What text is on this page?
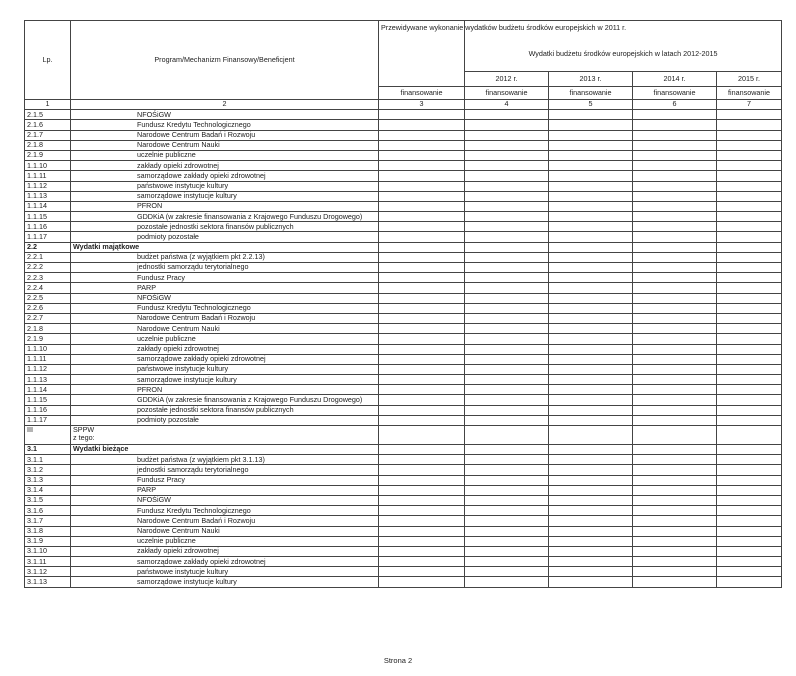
Lp.	Program/Mechanizm Finansowy/Beneficjent	Przewidywane wykonanie wydatków budżetu środków europejskich w 2011 r.	Wydatki budżetu środków europejskich w latach 2012-2015			
			2012 r.	2013 r.	2014 r.	2015 r.
		finansowanie	finansowanie	finansowanie	finansowanie	finansowanie
1	2	3	4	5	6	7
2.1.5	NFOŚiGW					
2.1.6	Fundusz Kredytu Technologicznego					
2.1.7	Narodowe Centrum Badań i Rozwoju					
2.1.8	Narodowe Centrum Nauki					
2.1.9	uczelnie publiczne					
1.1.10	zakłady opieki zdrowotnej					
1.1.11	samorządowe zakłady opieki zdrowotnej					
1.1.12	państwowe instytucje kultury					
1.1.13	samorządowe instytucje kultury					
1.1.14	PFRON					
1.1.15	GDDKiA (w zakresie finansowania z Krajowego Funduszu Drogowego)					
1.1.16	pozostałe jednostki sektora finansów publicznych					
1.1.17	podmioty pozostałe					
2.2	Wydatki majątkowe					
2.2.1	budżet państwa (z wyjątkiem pkt 2.2.13)					
2.2.2	jednostki samorządu terytorialnego					
2.2.3	Fundusz Pracy					
2.2.4	PARP					
2.2.5	NFOŚiGW					
2.2.6	Fundusz Kredytu Technologicznego					
2.2.7	Narodowe Centrum Badań i Rozwoju					
2.1.8	Narodowe Centrum Nauki					
2.1.9	uczelnie publiczne					
1.1.10	zakłady opieki zdrowotnej					
1.1.11	samorządowe zakłady opieki zdrowotnej					
1.1.12	państwowe instytucje kultury					
1.1.13	samorządowe instytucje kultury					
1.1.14	PFRON					
1.1.15	GDDKiA (w zakresie finansowania z Krajowego Funduszu Drogowego)					
1.1.16	pozostałe jednostki sektora finansów publicznych					
1.1.17	podmioty pozostałe					
III	SPPW
z tego:					
3.1	Wydatki bieżące					
3.1.1	budżet państwa (z wyjątkiem pkt 3.1.13)					
3.1.2	jednostki samorządu terytorialnego					
3.1.3	Fundusz Pracy					
3.1.4	PARP					
3.1.5	NFOŚiGW					
3.1.6	Fundusz Kredytu Technologicznego					
3.1.7	Narodowe Centrum Badań i Rozwoju					
3.1.8	Narodowe Centrum Nauki					
3.1.9	uczelnie publiczne					
3.1.10	zakłady opieki zdrowotnej					
3.1.11	samorządowe zakłady opieki zdrowotnej					
3.1.12	państwowe instytucje kultury					
3.1.13	samorządowe instytucje kultury					
Strona 2
